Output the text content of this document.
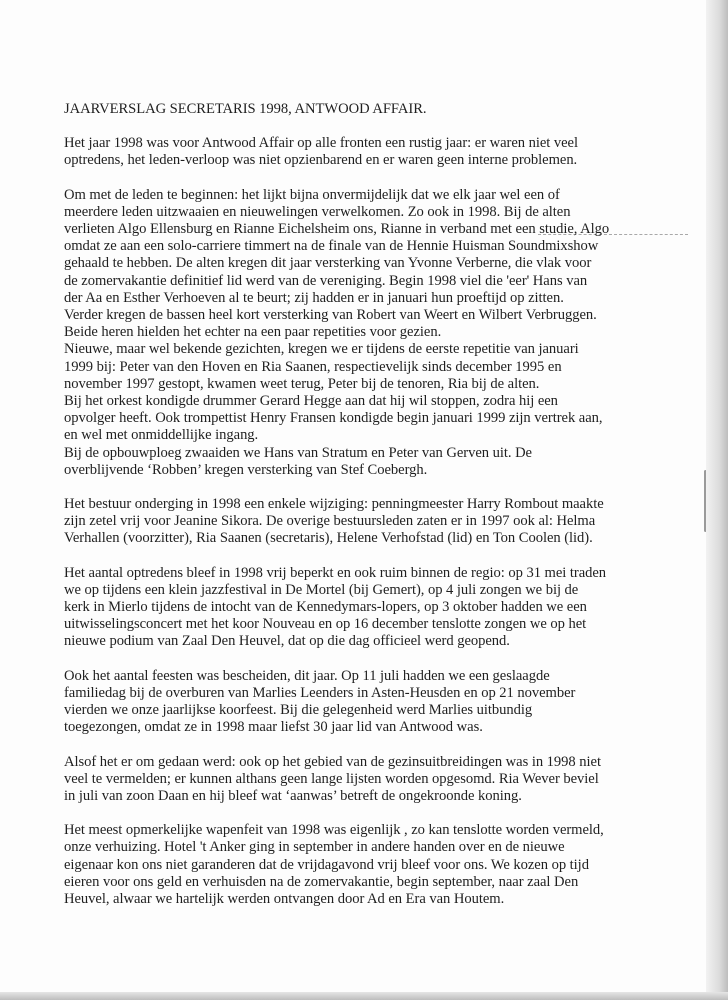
JAARVERSLAG SECRETARIS 1998, ANTWOOD AFFAIR.
Het jaar 1998 was voor Antwood Affair op alle fronten een rustig jaar: er waren niet veel
optredens, het leden-verloop was niet opzienbarend en er waren geen interne problemen.
Om met de leden te beginnen: het lijkt bijna onvermijdelijk dat we elk jaar wel een of
meerdere leden uitzwaaien en nieuwelingen verwelkomen. Zo ook in 1998. Bij de alten
verlieten Algo Ellensburg en Rianne Eichelsheim ons, Rianne in verband met een studie, Algo
omdat ze aan een solo-carriere timmert na de finale van de Hennie Huisman Soundmixshow
gehaald te hebben. De alten kregen dit jaar versterking van Yvonne Verberne, die vlak voor
de zomervakantie definitief lid werd van de vereniging. Begin 1998 viel die 'eer' Hans van
der Aa en Esther Verhoeven al te beurt; zij hadden er in januari hun proeftijd op zitten.
Verder kregen de bassen heel kort versterking van Robert van Weert en Wilbert Verbruggen.
Beide heren hielden het echter na een paar repetities voor gezien.
Nieuwe, maar wel bekende gezichten, kregen we er tijdens de eerste repetitie van januari
1999 bij: Peter van den Hoven en Ria Saanen, respectievelijk sinds december 1995 en
november 1997 gestopt, kwamen weet terug, Peter bij de tenoren, Ria bij de alten.
Bij het orkest kondigde drummer Gerard Hegge aan dat hij wil stoppen, zodra hij een
opvolger heeft. Ook trompettist Henry Fransen kondigde begin januari 1999 zijn vertrek aan,
en wel met onmiddellijke ingang.
Bij de opbouwploeg zwaaiden we Hans van Stratum en Peter van Gerven uit. De
overblijvende ‘Robben’ kregen versterking van Stef Coebergh.
Het bestuur onderging in 1998 een enkele wijziging: penningmeester Harry Rombout maakte
zijn zetel vrij voor Jeanine Sikora. De overige bestuursleden zaten er in 1997 ook al: Helma
Verhallen (voorzitter), Ria Saanen (secretaris), Helene Verhofstad (lid) en Ton Coolen (lid).
Het aantal optredens bleef in 1998 vrij beperkt en ook ruim binnen de regio: op 31 mei traden
we op tijdens een klein jazzfestival in De Mortel (bij Gemert), op 4 juli zongen we bij de
kerk in Mierlo tijdens de intocht van de Kennedymars-lopers, op 3 oktober hadden we een
uitwisselingsconcert met het koor Nouveau en op 16 december tenslotte zongen we op het
nieuwe podium van Zaal Den Heuvel, dat op die dag officieel werd geopend.
Ook het aantal feesten was bescheiden, dit jaar. Op 11 juli hadden we een geslaagde
familiedag bij de overburen van Marlies Leenders in Asten-Heusden en op 21 november
vierden we onze jaarlijkse koorfeest. Bij die gelegenheid werd Marlies uitbundig
toegezongen, omdat ze in 1998 maar liefst 30 jaar lid van Antwood was.
Alsof het er om gedaan werd: ook op het gebied van de gezinsuitbreidingen was in 1998 niet
veel te vermelden; er kunnen althans geen lange lijsten worden opgesomd. Ria Wever beviel
in juli van zoon Daan en hij bleef wat ‘aanwas’ betreft de ongekroonde koning.
Het meest opmerkelijke wapenfeit van 1998 was eigenlijk , zo kan tenslotte worden vermeld,
onze verhuizing. Hotel 't Anker ging in september in andere handen over en de nieuwe
eigenaar kon ons niet garanderen dat de vrijdagavond vrij bleef voor ons. We kozen op tijd
eieren voor ons geld en verhuisden na de zomervakantie, begin september, naar zaal Den
Heuvel, alwaar we hartelijk werden ontvangen door Ad en Era van Houtem.
